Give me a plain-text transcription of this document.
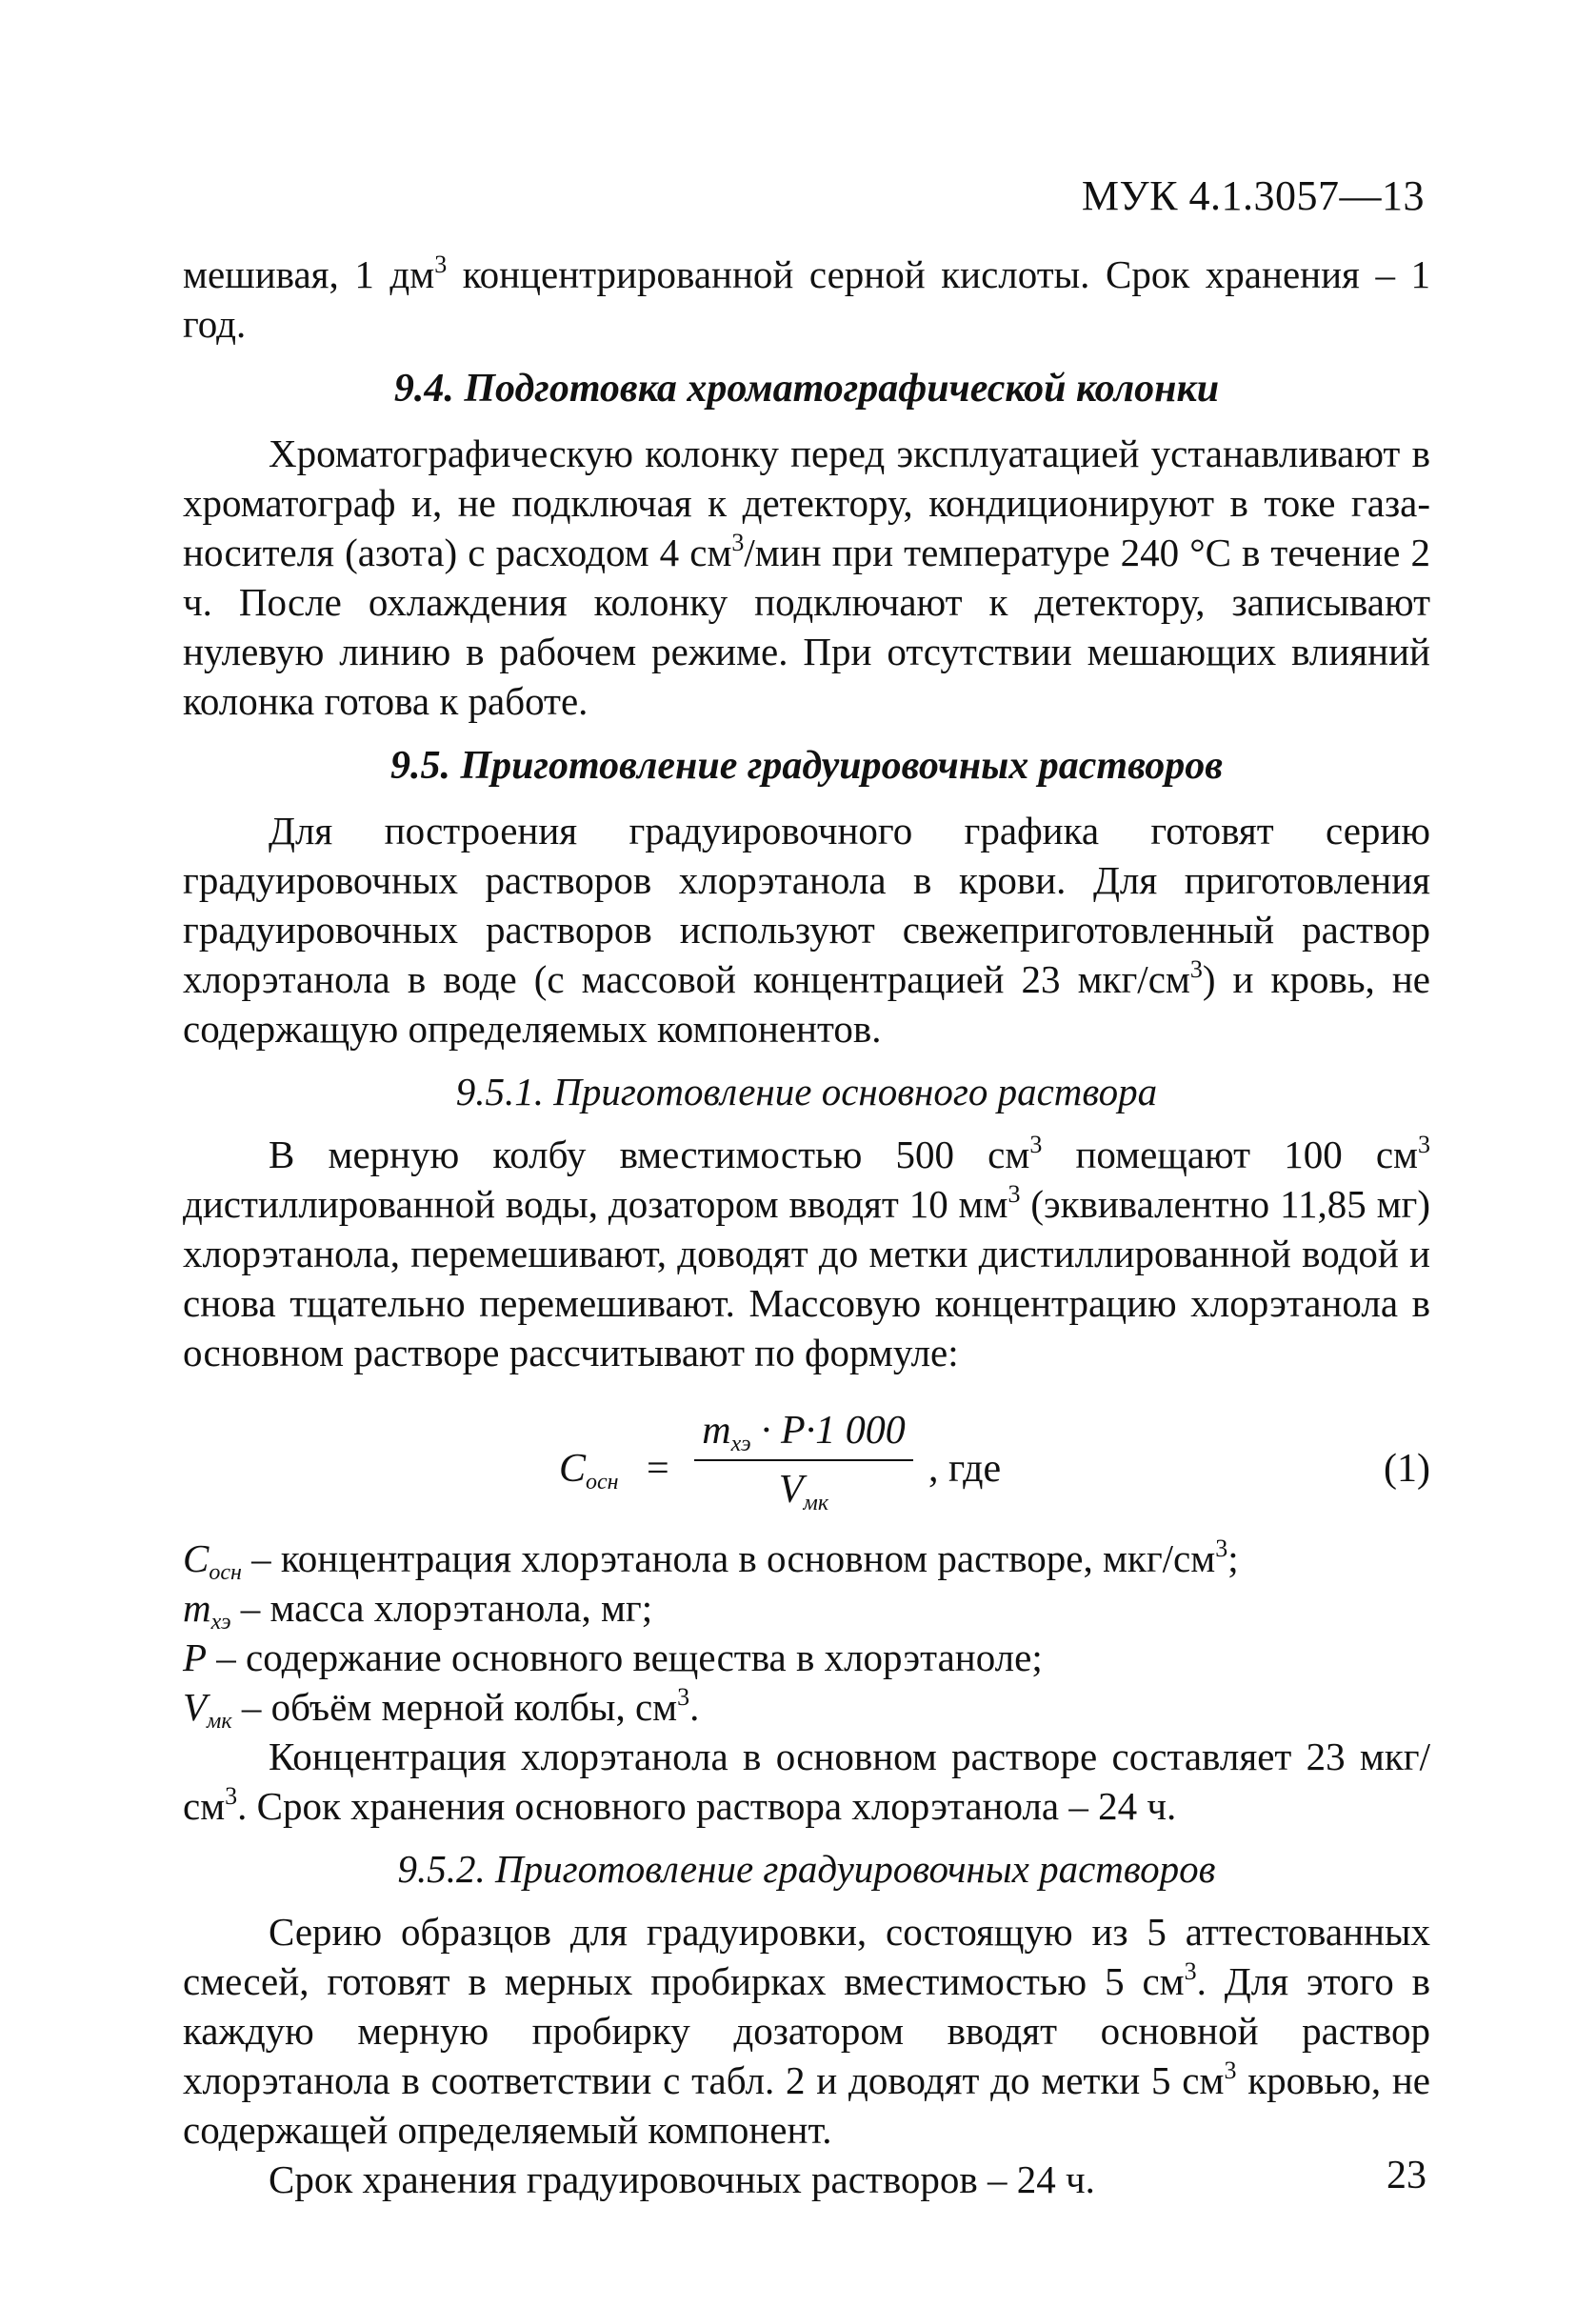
МУК 4.1.3057—13

мешивая, 1 $дм^3$ концентрированной серной кислоты. Срок хранения – 1 год.

9.4. Подготовка хроматографической колонки

Хроматографическую колонку перед эксплуатацией устанавливают в хроматограф и, не подключая к детектору, кондиционируют в токе газа-носителя (азота) с расходом 4 $см^3$/мин при температуре 240 °С в течение 2 ч. После охлаждения колонку подключают к детектору, записывают нулевую линию в рабочем режиме. При отсутствии мешающих влияний колонка готова к работе.

9.5. Приготовление градуировочных растворов

Для построения градуировочного графика готовят серию градуировочных растворов хлорэтанола в крови. Для приготовления градуировочных растворов используют свежеприготовленный раствор хлорэтанола в воде (с массовой концентрацией 23 мкг/$см^3$) и кровь, не содержащую определяемых компонентов.

9.5.1. Приготовление основного раствора

В мерную колбу вместимостью 500 $см^3$ помещают 100 $см^3$ дистиллированной воды, дозатором вводят 10 $мм^3$ (эквивалентно 11,85 мг) хлорэтанола, перемешивают, доводят до метки дистиллированной водой и снова тщательно перемешивают. Массовую концентрацию хлорэтанола в основном растворе рассчитывают по формуле:

$C_{осн}$ =
$m_{хэ} \cdot P\cdot 1$ 000
$V_{мк}$
, где	(1)

$C_{осн}$ – концентрация хлорэтанола в основном растворе, мкг/$см^3$;

$m_{хэ}$ – масса хлорэтанола, мг;

P – содержание основного вещества в хлорэтаноле;

$V_{мк}$ – объём мерной колбы, $см^3$.

Концентрация хлорэтанола в основном растворе составляет 23 мкг/$см^3$. Срок хранения основного раствора хлорэтанола – 24 ч.

9.5.2. Приготовление градуировочных растворов

Серию образцов для градуировки, состоящую из 5 аттестованных смесей, готовят в мерных пробирках вместимостью 5 $см^3$. Для этого в каждую мерную пробирку дозатором вводят основной раствор хлорэтанола в соответствии с табл. 2 и доводят до метки 5 $см^3$ кровью, не содержащей определяемый компонент.

Срок хранения градуировочных растворов – 24 ч.	23
